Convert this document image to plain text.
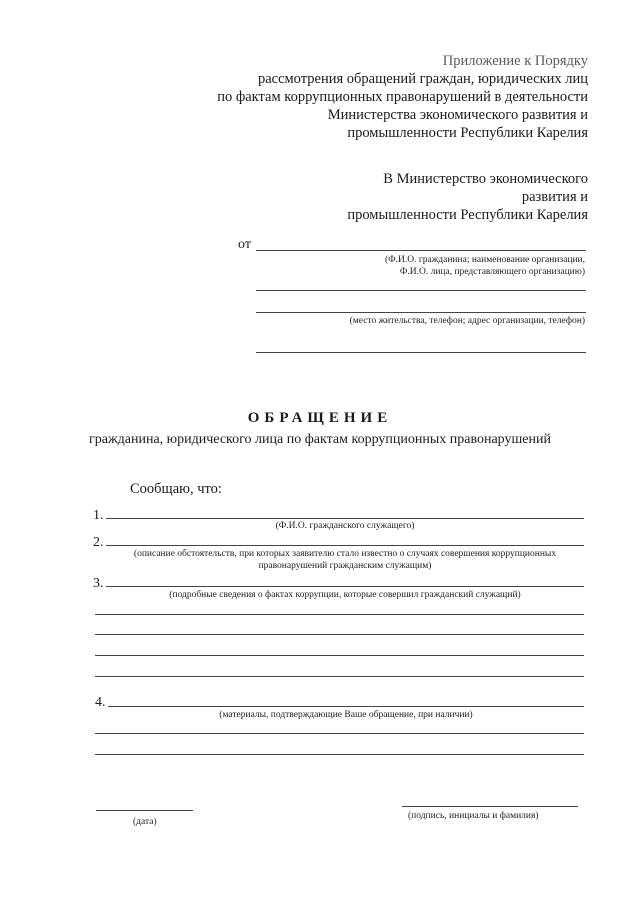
Приложение к Порядку
рассмотрения обращений граждан, юридических лиц
по фактам коррупционных правонарушений в деятельности
Министерства экономического развития и
промышленности Республики Карелия
В Министерство экономического
развития и
промышленности Республики Карелия
от
(Ф.И.О. гражданина; наименование организации,
Ф.И.О. лица, представляющего организацию)
(место жительства, телефон; адрес организации, телефон)
ОБРАЩЕНИЕ
гражданина, юридического лица по фактам коррупционных правонарушений
Сообщаю, что:
1.
(Ф.И.О. гражданского служащего)
2.
(описание обстоятельств, при которых заявителю стало известно о случаях совершения коррупционных
правонарушений гражданским служащим)
3.
(подробные сведения о фактах коррупции, которые совершил гражданский служащий)
4.
(материалы, подтверждающие Ваше обращение, при наличии)
(дата)
(подпись, инициалы и фамилия)
